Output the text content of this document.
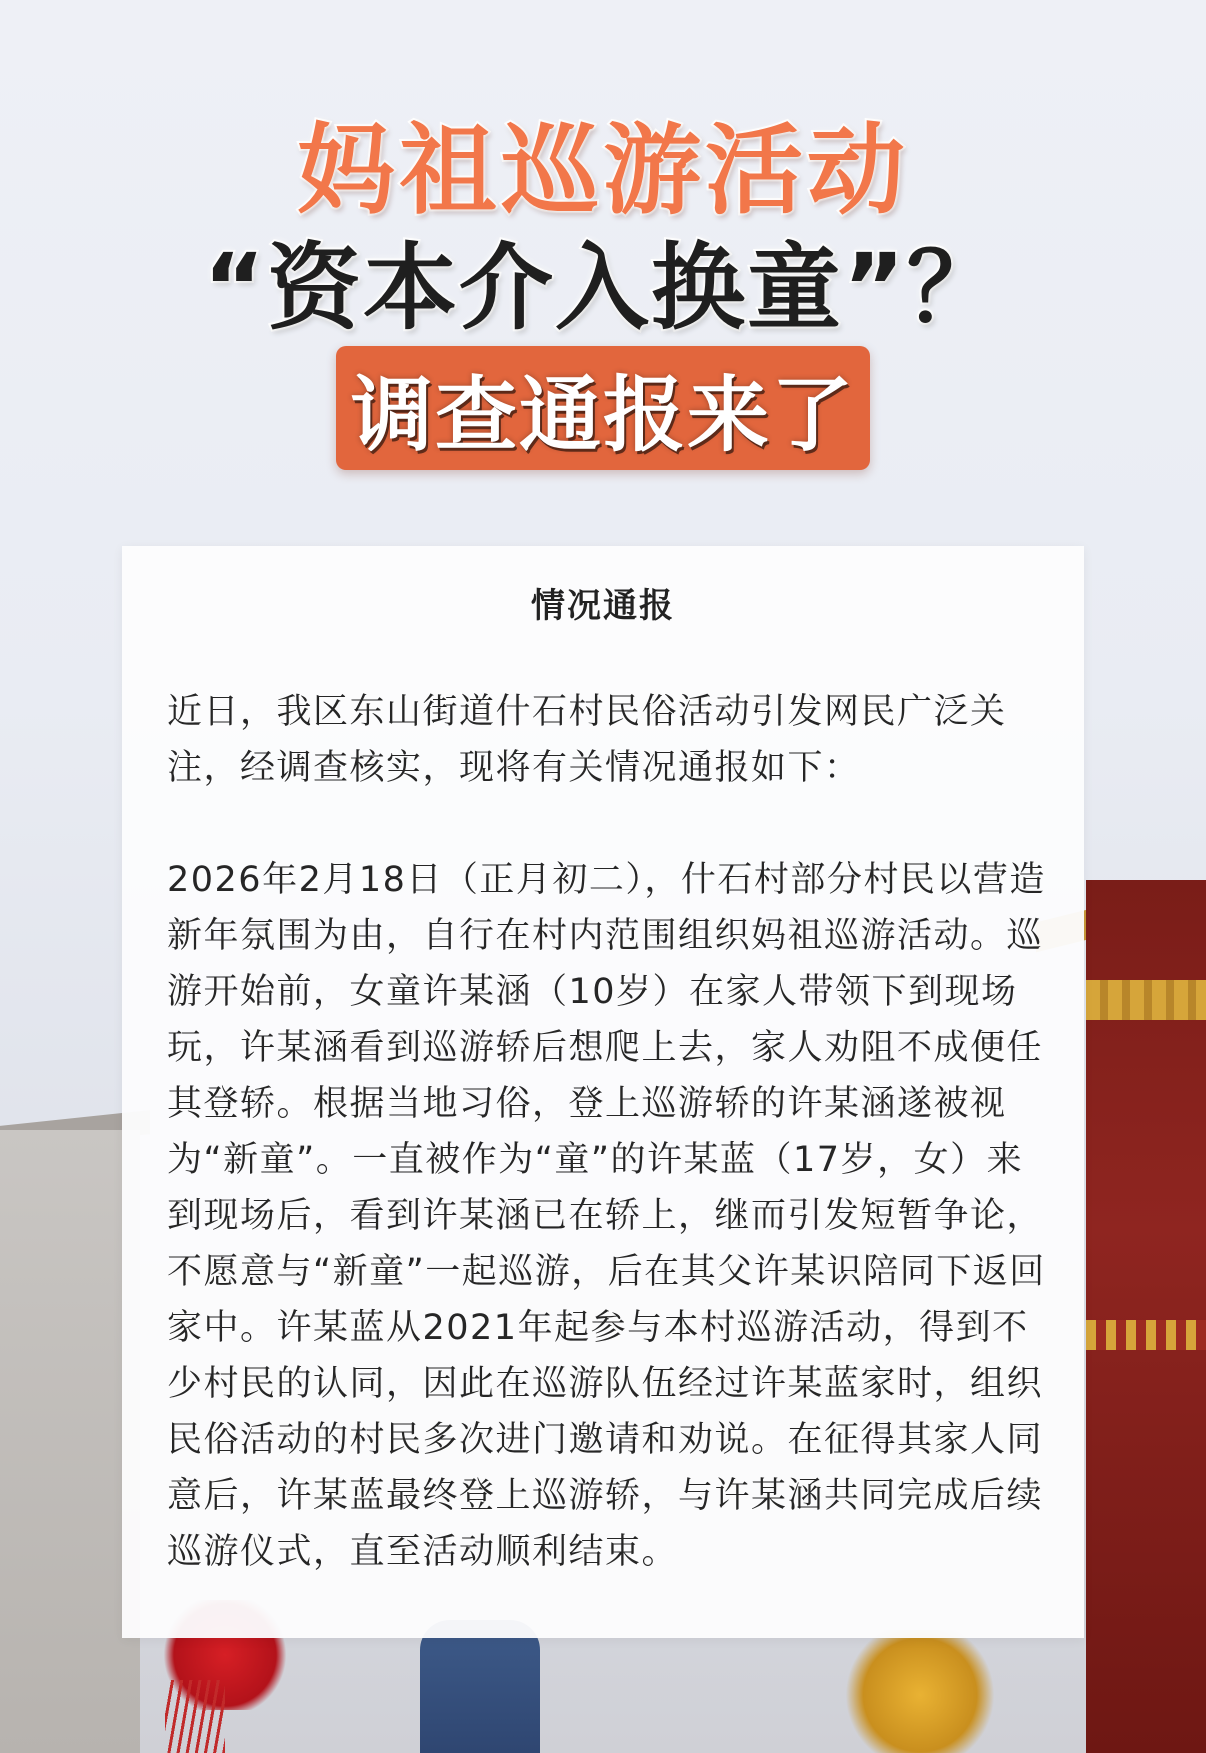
妈祖巡游活动
“资本介入换童”？
调查通报来了
情况通报

近日，我区东山街道什石村民俗活动引发网民广泛关注，经调查核实，现将有关情况通报如下：

2026年2月18日（正月初二），什石村部分村民以营造新年氛围为由，自行在村内范围组织妈祖巡游活动。巡游开始前，女童许某涵（10岁）在家人带领下到现场玩，许某涵看到巡游轿后想爬上去，家人劝阻不成便任其登轿。根据当地习俗，登上巡游轿的许某涵遂被视为“新童”。一直被作为“童”的许某蓝（17岁，女）来到现场后，看到许某涵已在轿上，继而引发短暂争论，不愿意与“新童”一起巡游，后在其父许某识陪同下返回家中。许某蓝从2021年起参与本村巡游活动，得到不少村民的认同，因此在巡游队伍经过许某蓝家时，组织民俗活动的村民多次进门邀请和劝说。在征得其家人同意后，许某蓝最终登上巡游轿，与许某涵共同完成后续巡游仪式，直至活动顺利结束。
